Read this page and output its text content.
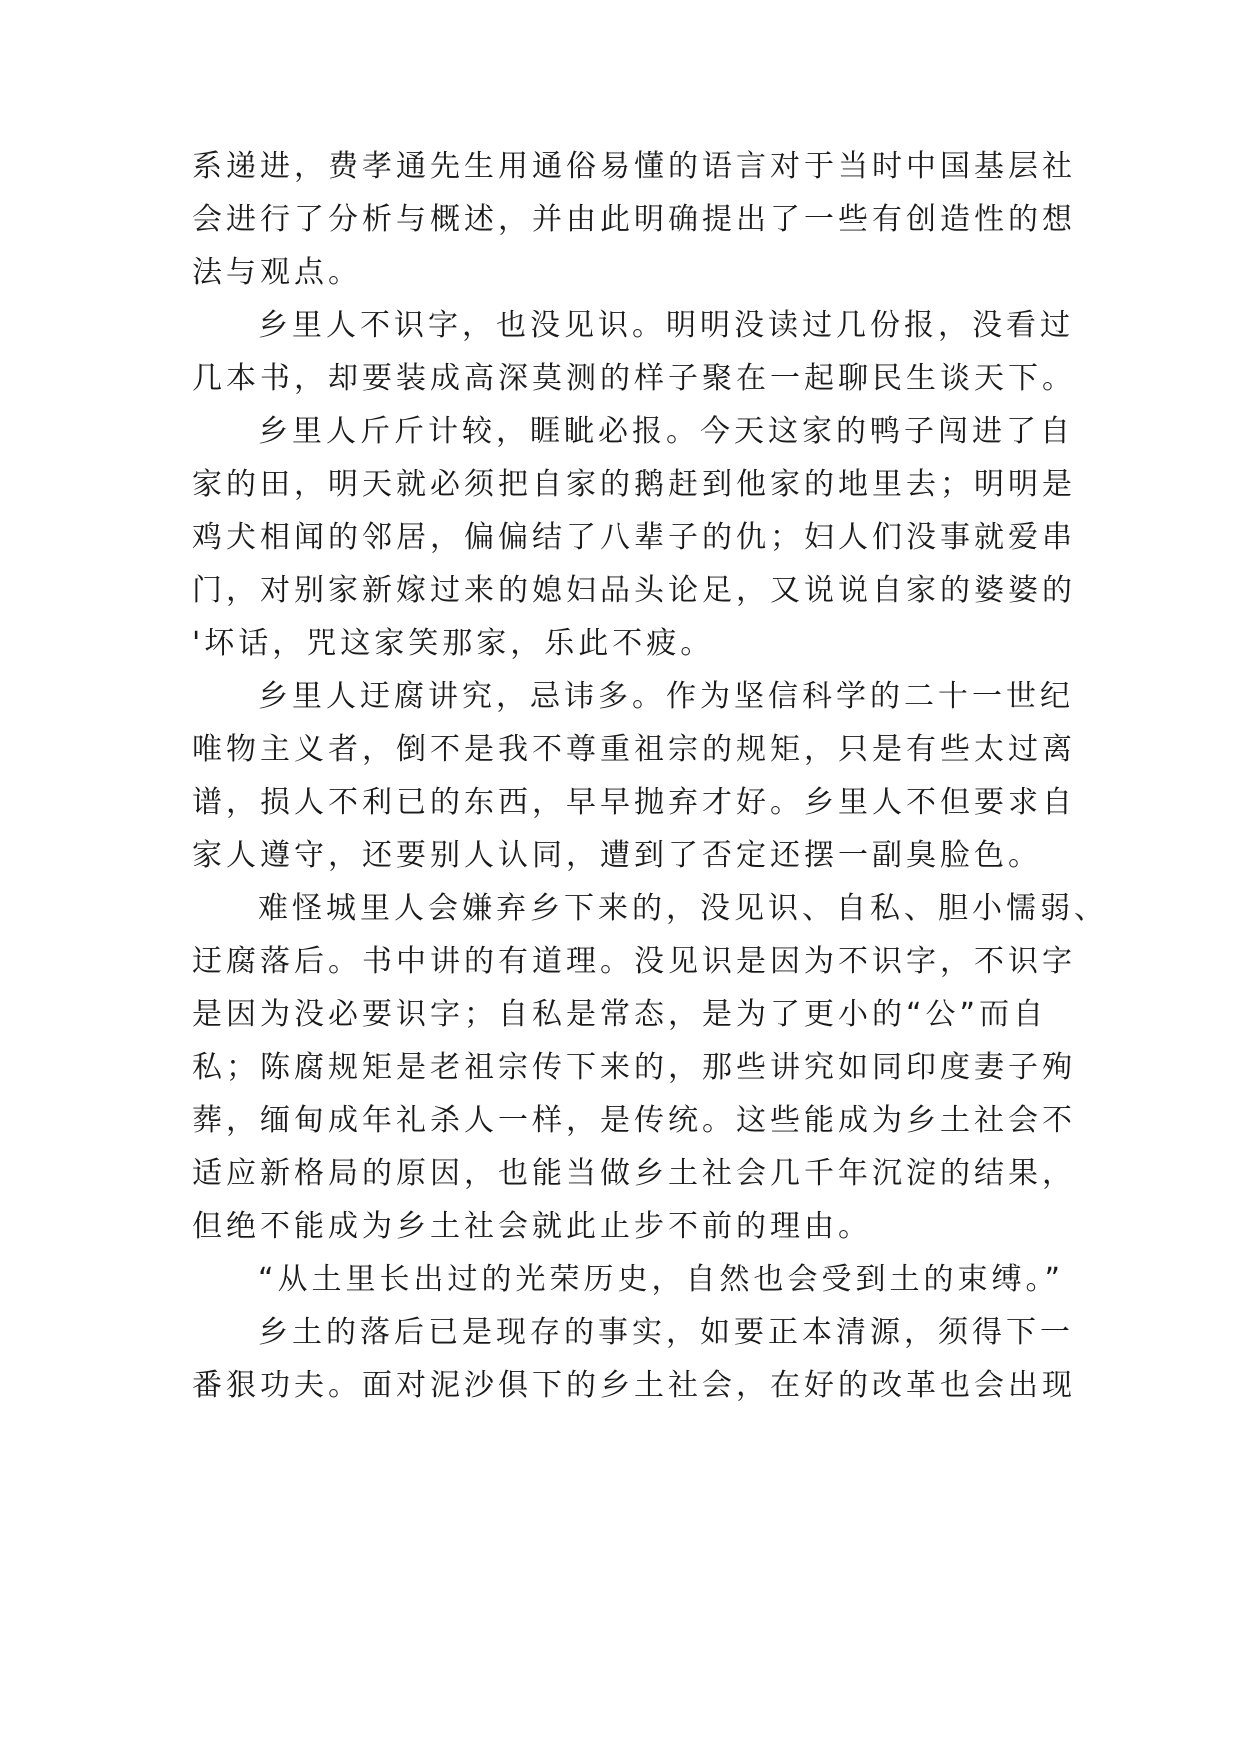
系递进，费孝通先生用通俗易懂的语言对于当时中国基层社
会进行了分析与概述，并由此明确提出了一些有创造性的想
法与观点。
乡里人不识字，也没见识。明明没读过几份报，没看过
几本书，却要装成高深莫测的样子聚在一起聊民生谈天下。
乡里人斤斤计较，睚眦必报。今天这家的鸭子闯进了自
家的田，明天就必须把自家的鹅赶到他家的地里去；明明是
鸡犬相闻的邻居，偏偏结了八辈子的仇；妇人们没事就爱串
门，对别家新嫁过来的媳妇品头论足，又说说自家的婆婆的
'坏话，咒这家笑那家，乐此不疲。
乡里人迂腐讲究，忌讳多。作为坚信科学的二十一世纪
唯物主义者，倒不是我不尊重祖宗的规矩，只是有些太过离
谱，损人不利已的东西，早早抛弃才好。乡里人不但要求自
家人遵守，还要别人认同，遭到了否定还摆一副臭脸色。
难怪城里人会嫌弃乡下来的，没见识、自私、胆小懦弱、
迂腐落后。书中讲的有道理。没见识是因为不识字，不识字
是因为没必要识字；自私是常态，是为了更小的“公”而自
私；陈腐规矩是老祖宗传下来的，那些讲究如同印度妻子殉
葬，缅甸成年礼杀人一样，是传统。这些能成为乡土社会不
适应新格局的原因，也能当做乡土社会几千年沉淀的结果，
但绝不能成为乡土社会就此止步不前的理由。
“从土里长出过的光荣历史，自然也会受到土的束缚。”
乡土的落后已是现存的事实，如要正本清源，须得下一
番狠功夫。面对泥沙俱下的乡土社会，在好的改革也会出现
